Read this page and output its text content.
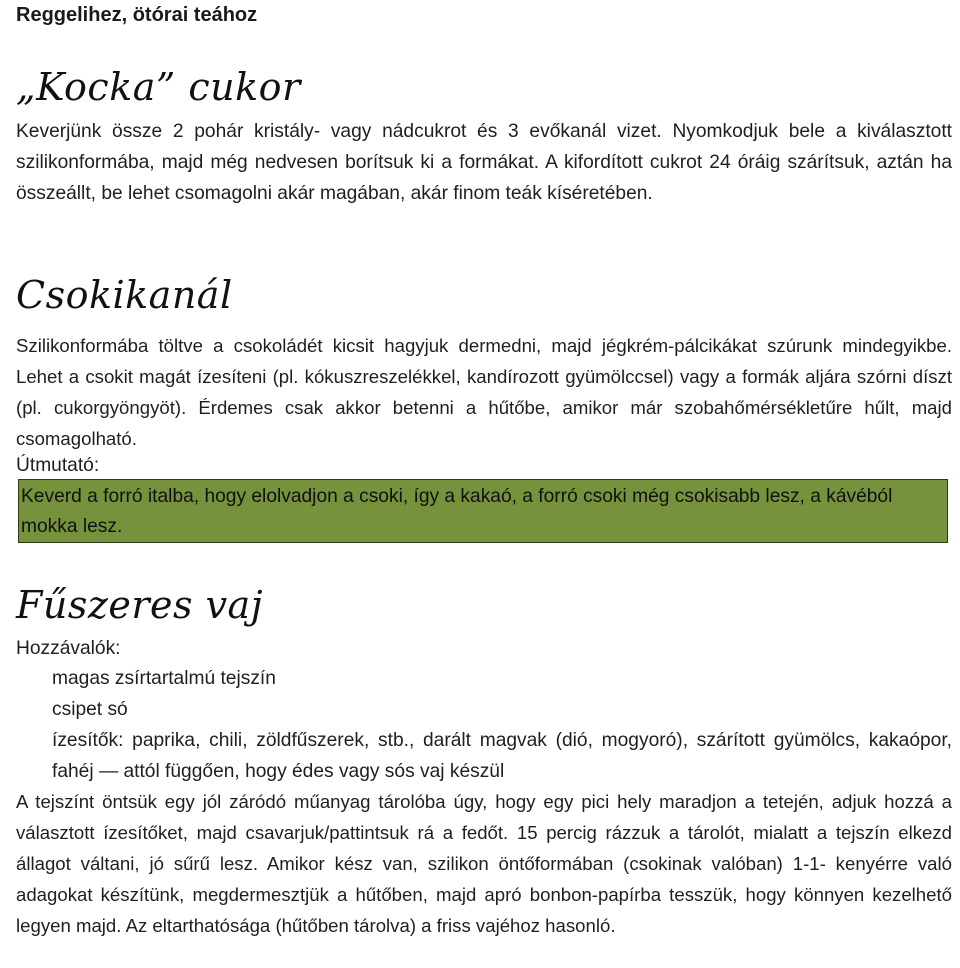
Reggelihez, ötórai teához
„Kocka” cukor
Keverjünk össze 2 pohár kristály- vagy nádcukrot és 3 evőkanál vizet. Nyomkodjuk bele a kiválasztott szilikonformába, majd még nedvesen borítsuk ki a formákat. A kifordított cukrot 24 óráig szárítsuk, aztán ha összeállt, be lehet csomagolni akár magában, akár finom teák kíséretében.
Csokikanál
Szilikonformába töltve a csokoládét kicsit hagyjuk dermedni, majd jégkrém-pálcikákat szúrunk mindegyikbe. Lehet a csokit magát ízesíteni (pl. kókuszreszelékkel, kandírozott gyümölccsel) vagy a formák aljára szórni díszt (pl. cukorgyöngyöt). Érdemes csak akkor betenni a hűtőbe, amikor már szobahőmérsékletűre hűlt, majd csomagolható.
Útmutató:
Keverd a forró italba, hogy elolvadjon a csoki, így a kakaó, a forró csoki még csokisabb lesz, a kávéból mokka lesz.
Fűszeres vaj
Hozzávalók:
magas zsírtartalmú tejszín
csipet só
ízesítők: paprika, chili, zöldfűszerek, stb., darált magvak (dió, mogyoró), szárított gyümölcs, kakaópor, fahéj — attól függően, hogy édes vagy sós vaj készül
A tejszínt öntsük egy jól záródó műanyag tárolóba úgy, hogy egy pici hely maradjon a tetején, adjuk hozzá a választott ízesítőket, majd csavarjuk/pattintsuk rá a fedőt. 15 percig rázzuk a tárolót, mialatt a tejszín elkezd állagot váltani, jó sűrű lesz. Amikor kész van, szilikon öntőformában (csokinak valóban) 1-1- kenyérre való adagokat készítünk, megdermesztjük a hűtőben, majd apró bonbon-papírba tesszük, hogy könnyen kezelhető legyen majd. Az eltarthatósága (hűtőben tárolva) a friss vajéhoz hasonló.
